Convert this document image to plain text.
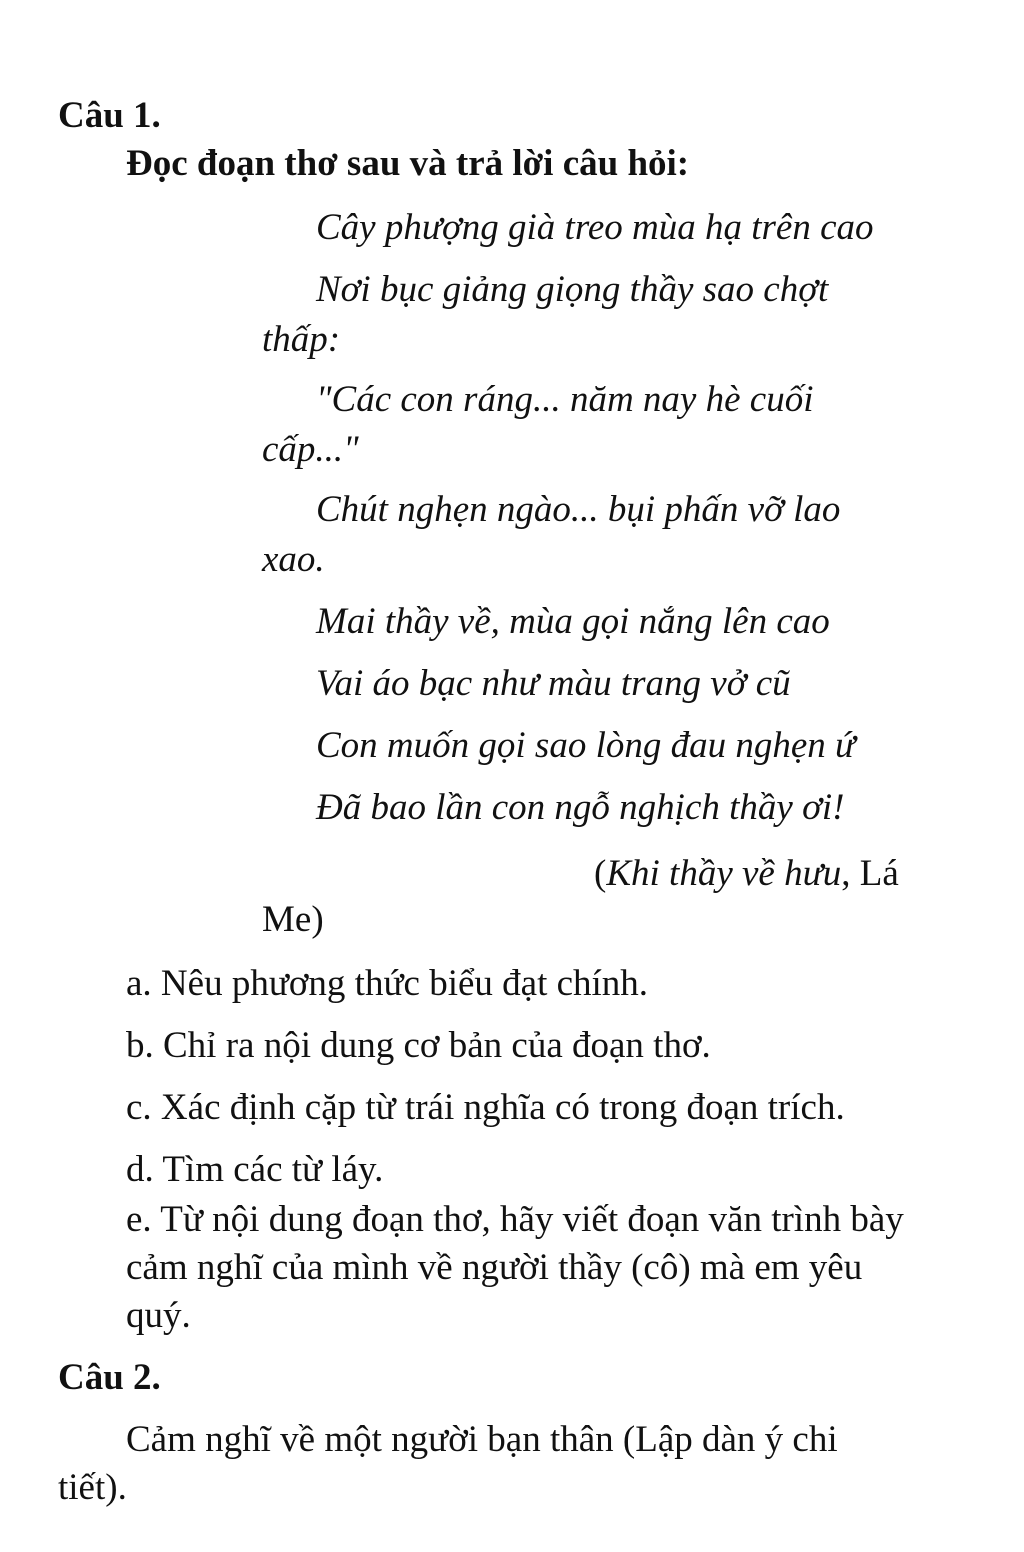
Câu 1.

Đọc đoạn thơ sau và trả lời câu hỏi:

Cây phượng già treo mùa hạ trên cao

Nơi bục giảng giọng thầy sao chợt

thấp:

"Các con ráng... năm nay hè cuối

cấp..."

Chút nghẹn ngào... bụi phấn vỡ lao

xao.

Mai thầy về, mùa gọi nắng lên cao

Vai áo bạc như màu trang vở cũ

Con muốn gọi sao lòng đau nghẹn ứ

Đã bao lần con ngỗ nghịch thầy ơi!

(Khi thầy về hưu, Lá

Me)

a. Nêu phương thức biểu đạt chính.

b. Chỉ ra nội dung cơ bản của đoạn thơ.

c. Xác định cặp từ trái nghĩa có trong đoạn trích.

d. Tìm các từ láy.

e. Từ nội dung đoạn thơ, hãy viết đoạn văn trình bày cảm nghĩ của mình về người thầy (cô) mà em yêu quý.

Câu 2.

Cảm nghĩ về một người bạn thân (Lập dàn ý chi

tiết).
